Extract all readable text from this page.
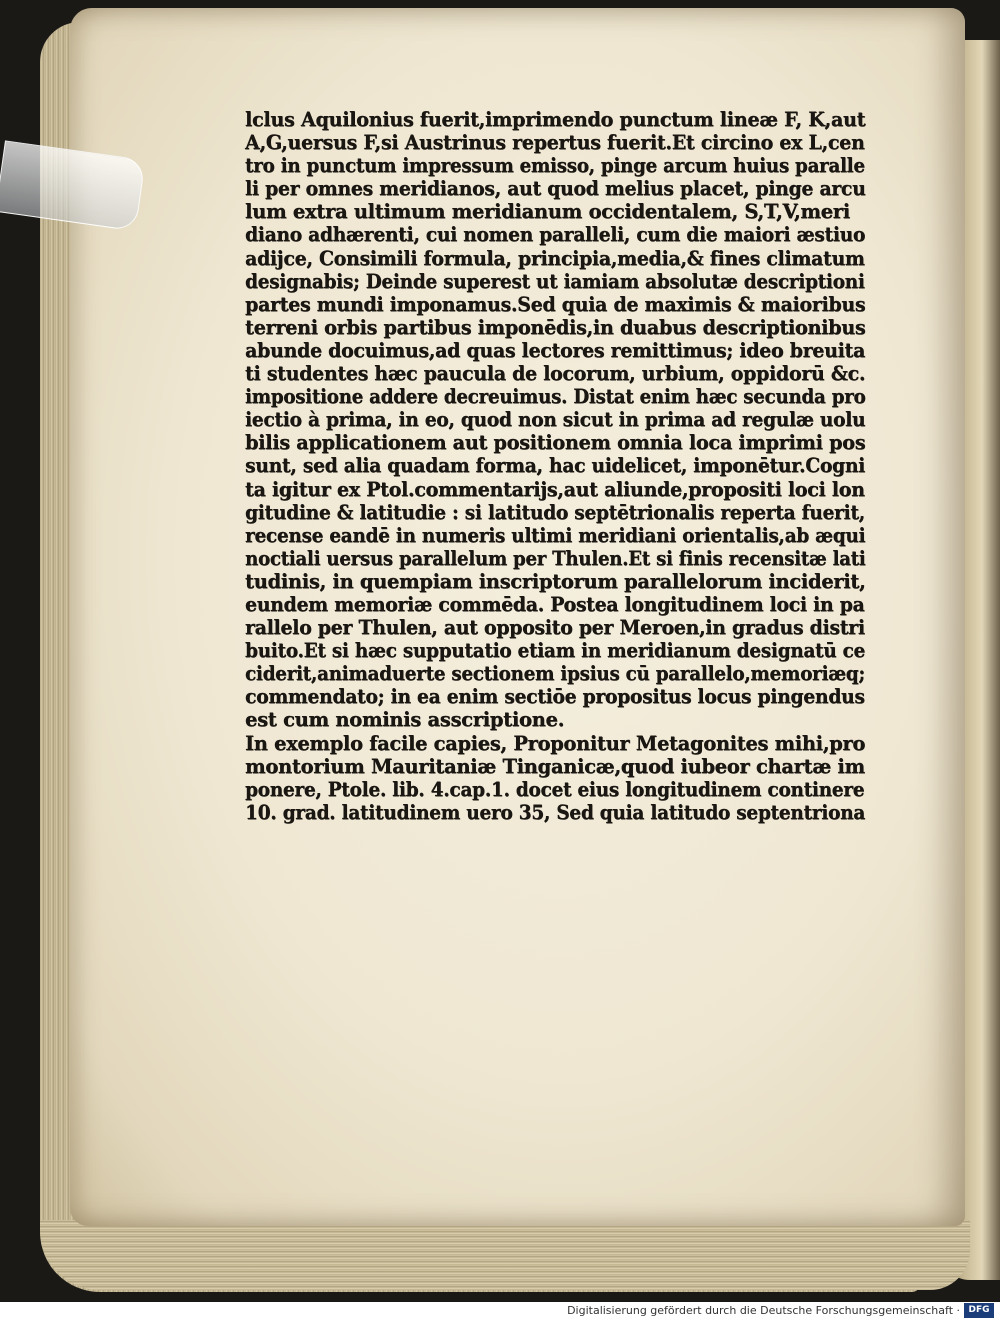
lclus Aquilonius fuerit,imprimendo punctum lineæ F, K,aut
A,G,uersus F,si Austrinus repertus fuerit.Et circino ex L,cen
tro in punctum impressum emisso, pinge arcum huius paralle
li per omnes meridianos, aut quod melius placet, pinge arcu
lum extra ultimum meridianum occidentalem, S,T,V,meri
diano adhærenti, cui nomen paralleli, cum die maiori æstiuo
adijce, Consimili formula, principia,media,& fines climatum
designabis; Deinde superest ut iamiam absolutæ descriptioni
partes mundi imponamus.Sed quia de maximis & maioribus
terreni orbis partibus imponēdis,in duabus descriptionibus
abunde docuimus,ad quas lectores remittimus; ideo breuita
ti studentes hæc paucula de locorum, urbium, oppidorū &c.
impositione addere decreuimus. Distat enim hæc secunda pro
iectio à prima, in eo, quod non sicut in prima ad regulæ uolu
bilis applicationem aut positionem omnia loca imprimi pos
sunt, sed alia quadam forma, hac uidelicet, imponētur.Cogni
ta igitur ex Ptol.commentarijs,aut aliunde,propositi loci lon
gitudine & latitudie : si latitudo septētrionalis reperta fuerit,
recense eandē in numeris ultimi meridiani orientalis,ab æqui
noctiali uersus parallelum per Thulen.Et si finis recensitæ lati
tudinis, in quempiam inscriptorum parallelorum inciderit,
eundem memoriæ commēda. Postea longitudinem loci in pa
rallelo per Thulen, aut opposito per Meroen,in gradus distri
buito.Et si hæc supputatio etiam in meridianum designatū ce
ciderit,animaduerte sectionem ipsius cū parallelo,memoriæq;
commendato; in ea enim sectiōe propositus locus pingendus
est cum nominis asscriptione.
In exemplo facile capies, Proponitur Metagonites mihi,pro
montorium Mauritaniæ Tinganicæ,quod iubeor chartæ im
ponere, Ptole. lib. 4.cap.1. docet eius longitudinem continere
10. grad. latitudinem uero 35, Sed quia latitudo septentriona
Digitalisierung gefördert durch die Deutsche Forschungsgemeinschaft · DFG
